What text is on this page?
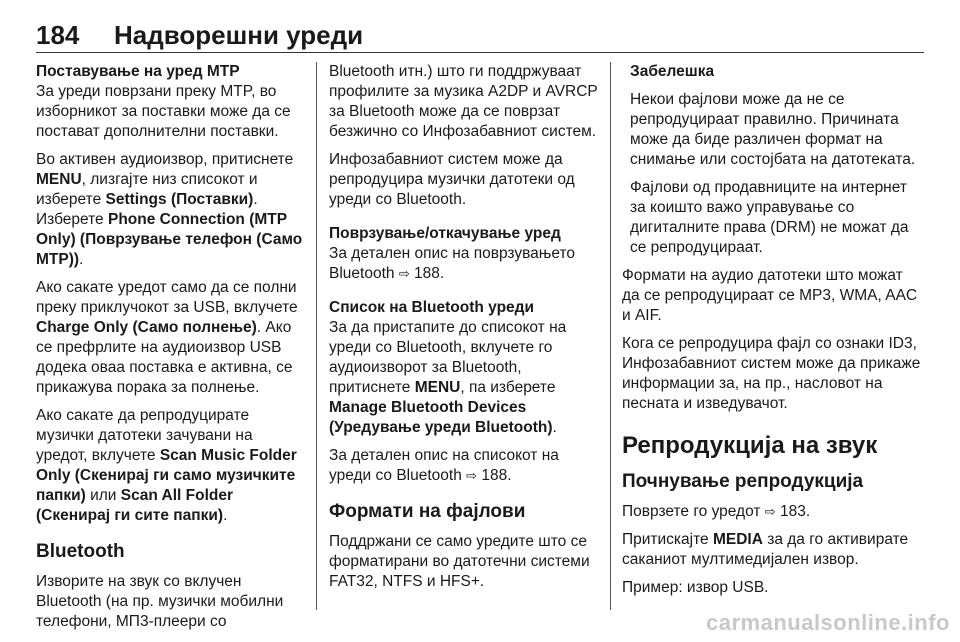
184 Надворешни уреди

Поставување на уред MTP

За уреди поврзани преку MTP, во изборникот за поставки може да се постават дополнителни поставки.

Во активен аудиоизвор, притиснете MENU, лизгајте низ списокот и изберете Settings (Поставки). Изберете Phone Connection (MTP Only) (Поврзување телефон (Само MTP)).

Ако сакате уредот само да се полни преку приклучокот за USB, вклучете Charge Only (Само полнење). Ако се префрлите на аудиоизвор USB додека оваа поставка е активна, се прикажува порака за полнење.

Ако сакате да репродуцирате музички датотеки зачувани на уредот, вклучете Scan Music Folder Only (Скенирај ги само музичките папки) или Scan All Folder (Скенирај ги сите папки).

Bluetooth

Изворите на звук со вклучен Bluetooth (на пр. музички мобилни телефони, МП3-плеери со

Bluetooth итн.) што ги поддржуваат профилите за музика A2DP и AVRCP за Bluetooth може да се поврзат безжично со Инфозабавниот систем.

Инфозабавниот систем може да репродуцира музички датотеки од уреди со Bluetooth.

Поврзување/откачување уред

За детален опис на поврзувањето Bluetooth ⇨ 188.

Список на Bluetooth уреди

За да пристапите до списокот на уреди со Bluetooth, вклучете го аудиоизворот за Bluetooth, притиснете MENU, па изберете Manage Bluetooth Devices (Уредување уреди Bluetooth).

За детален опис на списокот на уреди со Bluetooth ⇨ 188.

Формати на фајлови

Поддржани се само уредите што се форматирани во датотечни системи FAT32, NTFS и HFS+.

Забелешка

Некои фајлови може да не се репродуцираат правилно. Причината може да биде различен формат на снимање или состојбата на датотеката.

Фајлови од продавниците на интернет за коишто важо управување со дигиталните права (DRM) не можат да се репродуцираат.

Формати на аудио датотеки што можат да се репродуцираат се MP3, WMA, AAC и AIF.

Кога се репродуцира фајл со ознаки ID3, Инфозабавниот систем може да прикаже информации за, на пр., насловот на песната и изведувачот.

Репродукција на звук

Почнување репродукција

Поврзете го уредот ⇨ 183.

Притискајте MEDIA за да го активирате саканиот мултимедијален извор.

Пример: извор USB.

carmanualsonline.info
